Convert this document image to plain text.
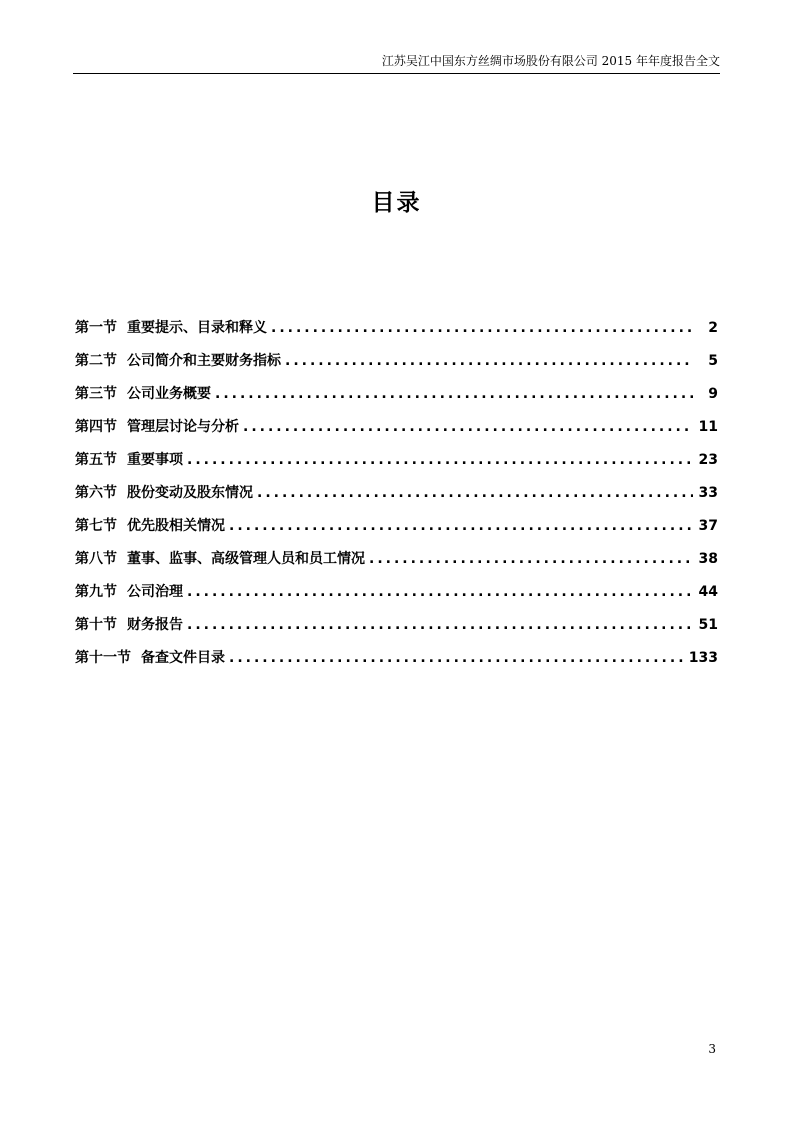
江苏吴江中国东方丝绸市场股份有限公司 2015 年年度报告全文
目录
第一节 重要提示、目录和释义 .....	2
第二节 公司简介和主要财务指标 .....	5
第三节 公司业务概要 .....	9
第四节 管理层讨论与分析 .....	11
第五节 重要事项 .....	23
第六节 股份变动及股东情况 .....	33
第七节 优先股相关情况 .....	37
第八节 董事、监事、高级管理人员和员工情况 .....	38
第九节 公司治理 .....	44
第十节 财务报告 .....	51
第十一节 备查文件目录 .....	133
3
